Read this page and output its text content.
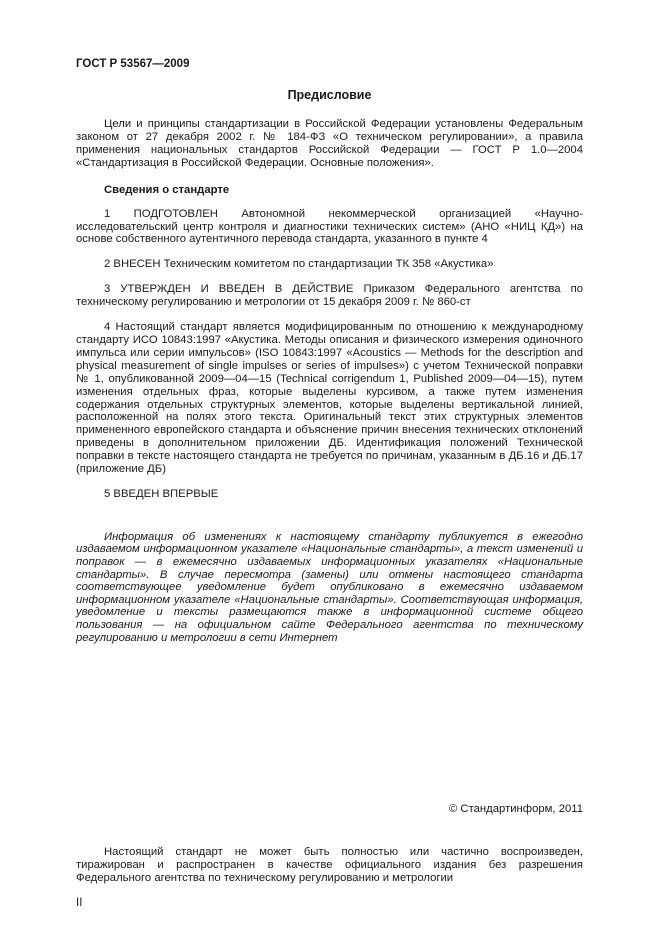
ГОСТ Р 53567—2009
Предисловие

Цели и принципы стандартизации в Российской Федерации установлены Федеральным законом от 27 декабря 2002 г. № 184-ФЗ «О техническом регулировании», а правила применения национальных стандартов Российской Федерации — ГОСТ Р 1.0—2004 «Стандартизация в Российской Федерации. Основные положения».

Сведения о стандарте

1 ПОДГОТОВЛЕН Автономной некоммерческой организацией «Научно-исследовательский центр контроля и диагностики технических систем» (АНО «НИЦ КД») на основе собственного аутентичного перевода стандарта, указанного в пункте 4

2 ВНЕСЕН Техническим комитетом по стандартизации ТК 358 «Акустика»

3 УТВЕРЖДЕН И ВВЕДЕН В ДЕЙСТВИЕ Приказом Федерального агентства по техническому регулированию и метрологии от 15 декабря 2009 г. № 860-ст

4 Настоящий стандарт является модифицированным по отношению к международному стандарту ИСО 10843:1997 «Акустика. Методы описания и физического измерения одиночного импульса или серии импульсов» (ISO 10843:1997 «Acoustics — Methods for the description and physical measurement of single impulses or series of impulses») с учетом Технической поправки № 1, опубликованной 2009—04—15 (Technical corrigendum 1, Published 2009—04—15), путем изменения отдельных фраз, которые выделены курсивом, а также путем изменения содержания отдельных структурных элементов, которые выделены вертикальной линией, расположенной на полях этого текста. Оригинальный текст этих структурных элементов примененного европейского стандарта и объяснение причин внесения технических отклонений приведены в дополнительном приложении ДБ. Идентификация положений Технической поправки в тексте настоящего стандарта не требуется по причинам, указанным в ДБ.16 и ДБ.17 (приложение ДБ)

5 ВВЕДЕН ВПЕРВЫЕ

Информация об изменениях к настоящему стандарту публикуется в ежегодно издаваемом информационном указателе «Национальные стандарты», а текст изменений и поправок — в ежемесячно издаваемых информационных указателях «Национальные стандарты». В случае пересмотра (замены) или отмены настоящего стандарта соответствующее уведомление будет опубликовано в ежемесячно издаваемом информационном указателе «Национальные стандарты». Соответствующая информация, уведомление и тексты размещаются также в информационной системе общего пользования — на официальном сайте Федерального агентства по техническому регулированию и метрологии в сети Интернет

© Стандартинформ, 2011

Настоящий стандарт не может быть полностью или частично воспроизведен, тиражирован и распространен в качестве официального издания без разрешения Федерального агентства по техническому регулированию и метрологии

II
